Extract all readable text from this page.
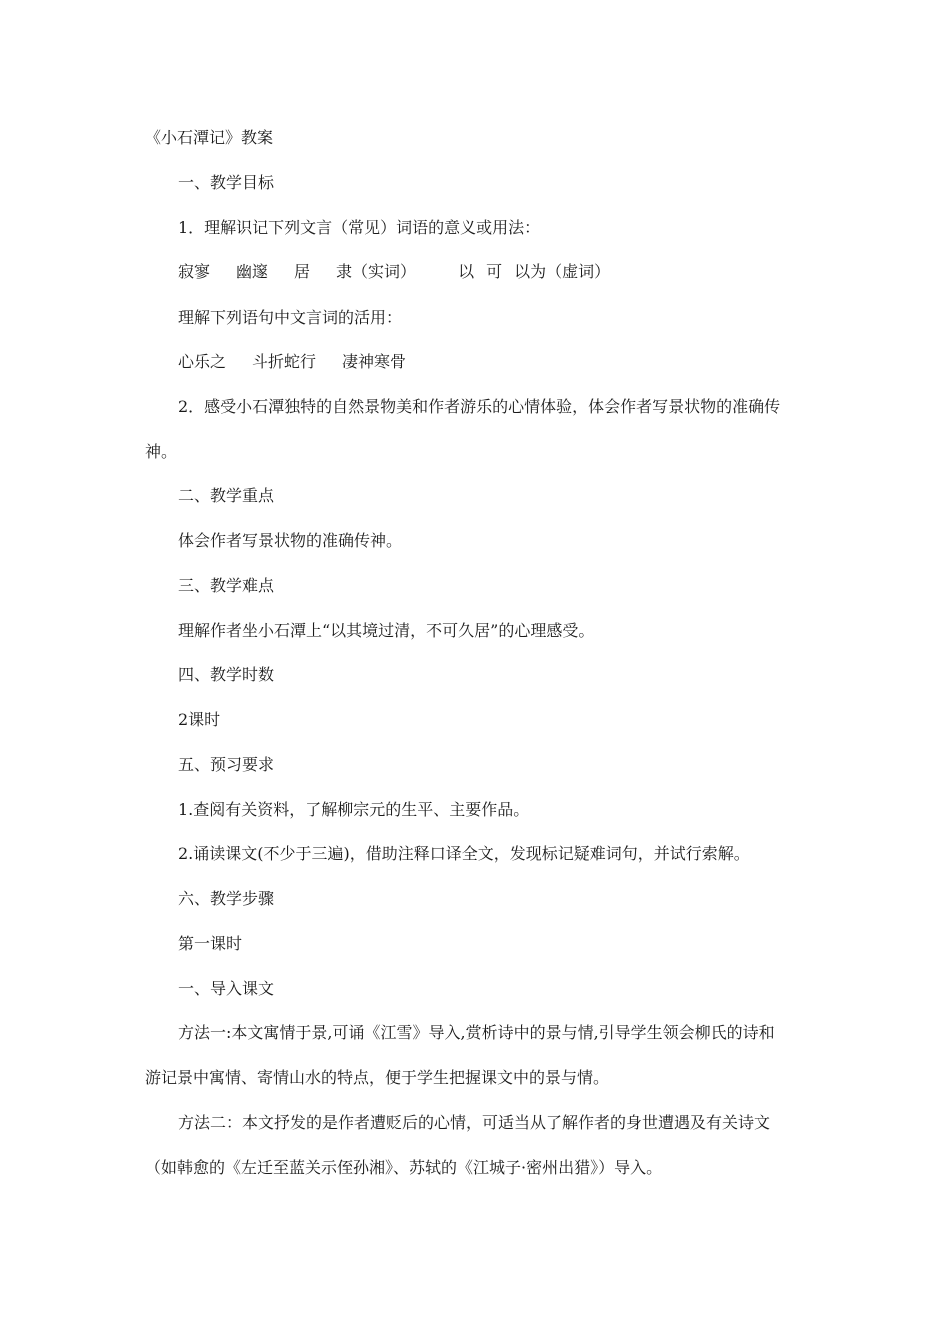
《小石潭记》教案
一、教学目标
1．理解识记下列文言（常见）词语的意义或用法：
寂寥 幽邃 居 隶（实词）	以 可 以为（虚词）
理解下列语句中文言词的活用：
心乐之 斗折蛇行 凄神寒骨
2．感受小石潭独特的自然景物美和作者游乐的心情体验，体会作者写景状物的准确传
神。
二、教学重点
体会作者写景状物的准确传神。
三、教学难点
理解作者坐小石潭上“以其境过清，不可久居”的心理感受。
四、教学时数
2课时
五、预习要求
1.查阅有关资料，了解柳宗元的生平、主要作品。
2.诵读课文(不少于三遍)，借助注释口译全文，发现标记疑难词句，并试行索解。
六、教学步骤
第一课时
一、导入课文
方法一:本文寓情于景,可诵《江雪》导入,赏析诗中的景与情,引导学生领会柳氏的诗和
游记景中寓情、寄情山水的特点，便于学生把握课文中的景与情。
方法二：本文抒发的是作者遭贬后的心情，可适当从了解作者的身世遭遇及有关诗文
（如韩愈的《左迁至蓝关示侄孙湘》、苏轼的《江城子·密州出猎》）导入。
